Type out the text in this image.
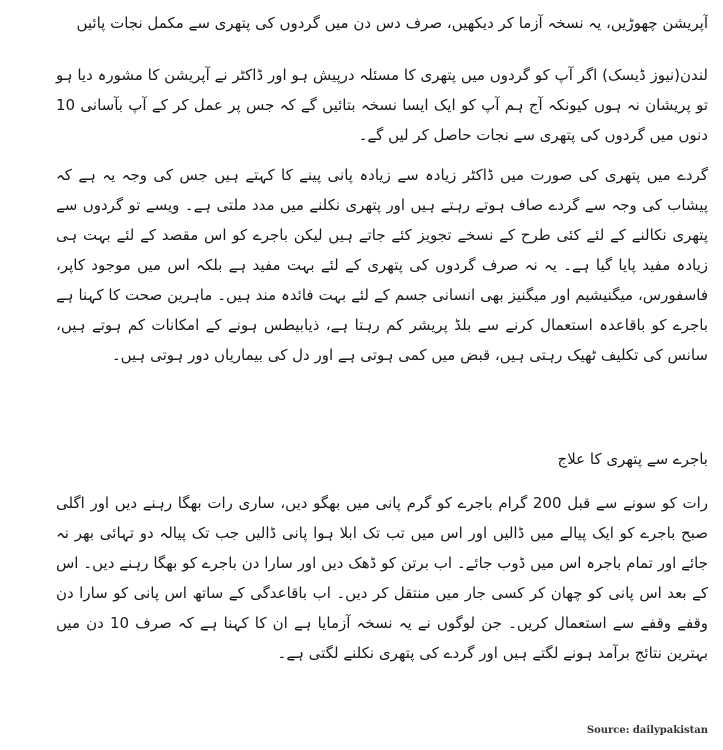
آپریشن چھوڑیں، یہ نسخہ آزما کر دیکھیں، صرف دس دن میں گردوں کی پتھری سے مکمل نجات پائیں
لندن(نیوز ڈیسک) اگر آپ کو گردوں میں پتھری کا مسئلہ درپیش ہو اور ڈاکٹر نے آپریشن کا مشورہ دیا ہو تو پریشان نہ ہوں کیونکہ آج ہم آپ کو ایک ایسا نسخہ بتائیں گے کہ جس پر عمل کر کے آپ بآسانی 10 دنوں میں گردوں کی پتھری سے نجات حاصل کر لیں گے۔
گردے میں پتھری کی صورت میں ڈاکٹر زیادہ سے زیادہ پانی پینے کا کہتے ہیں جس کی وجہ یہ ہے کہ پیشاب کی وجہ سے گردے صاف ہوتے رہتے ہیں اور پتھری نکلنے میں مدد ملتی ہے۔ ویسے تو گردوں سے پتھری نکالنے کے لئے کئی طرح کے نسخے تجویز کئے جاتے ہیں لیکن باجرے کو اس مقصد کے لئے بہت ہی زیادہ مفید پایا گیا ہے۔ یہ نہ صرف گردوں کی پتھری کے لئے بہت مفید ہے بلکہ اس میں موجود کاپر، فاسفورس، میگنیشیم اور میگنیز بھی انسانی جسم کے لئے بہت فائدہ مند ہیں۔ ماہرین صحت کا کہنا ہے باجرے کو باقاعدہ استعمال کرنے سے بلڈ پریشر کم رہتا ہے، ذیابیطس ہونے کے امکانات کم ہوتے ہیں، سانس کی تکلیف ٹھیک رہتی ہیں، قبض میں کمی ہوتی ہے اور دل کی بیماریاں دور ہوتی ہیں۔
باجرے سے پتھری کا علاج
رات کو سونے سے قبل 200 گرام باجرے کو گرم پانی میں بھگو دیں، ساری رات بھگا رہنے دیں اور اگلی صبح باجرے کو ایک پیالے میں ڈالیں اور اس میں تب تک ابلا ہوا پانی ڈالیں جب تک پیالہ دو تہائی بھر نہ جائے اور تمام باجرہ اس میں ڈوب جائے۔ اب برتن کو ڈھک دیں اور سارا دن باجرے کو بھگا رہنے دیں۔ اس کے بعد اس پانی کو چھان کر کسی جار میں منتقل کر دیں۔ اب باقاعدگی کے ساتھ اس پانی کو سارا دن وقفے وقفے سے استعمال کریں۔ جن لوگوں نے یہ نسخہ آزمایا ہے ان کا کہنا ہے کہ صرف 10 دن میں بہترین نتائج برآمد ہونے لگتے ہیں اور گردے کی پتھری نکلنے لگتی ہے۔
Source: dailypakistan
